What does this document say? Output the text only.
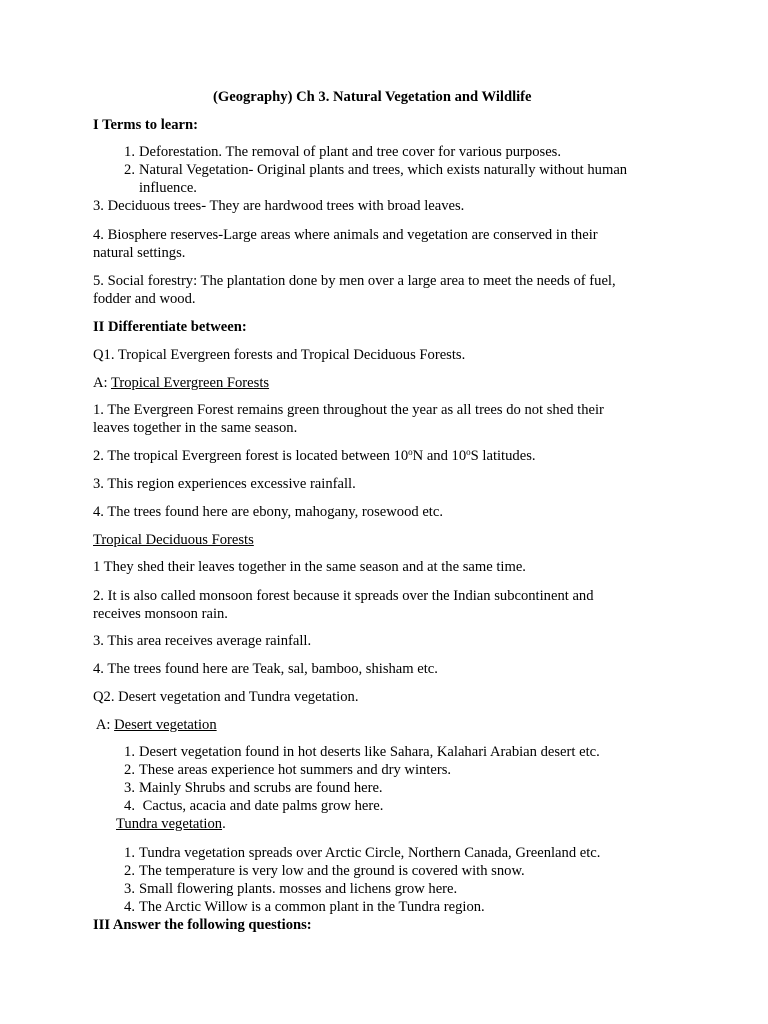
(Geography) Ch 3. Natural Vegetation and Wildlife
I Terms to learn:
1. Deforestation. The removal of plant and tree cover for various purposes.
2. Natural Vegetation- Original plants and trees, which exists naturally without human
influence.
3. Deciduous trees- They are hardwood trees with broad leaves.
4. Biosphere reserves-Large areas where animals and vegetation are conserved in their
natural settings.
5. Social forestry: The plantation done by men over a large area to meet the needs of fuel,
fodder and wood.
II Differentiate between:
Q1. Tropical Evergreen forests and Tropical Deciduous Forests.
A: Tropical Evergreen Forests
1. The Evergreen Forest remains green throughout the year as all trees do not shed their
leaves together in the same season.
2. The tropical Evergreen forest is located between 10$^o$N and 10$^o$S latitudes.
3. This region experiences excessive rainfall.
4. The trees found here are ebony, mahogany, rosewood etc.
Tropical Deciduous Forests
1 They shed their leaves together in the same season and at the same time.
2. It is also called monsoon forest because it spreads over the Indian subcontinent and
receives monsoon rain.
3. This area receives average rainfall.
4. The trees found here are Teak, sal, bamboo, shisham etc.
Q2. Desert vegetation and Tundra vegetation.
A: Desert vegetation
1. Desert vegetation found in hot deserts like Sahara, Kalahari Arabian desert etc.
2. These areas experience hot summers and dry winters.
3. Mainly Shrubs and scrubs are found here.
4. Cactus, acacia and date palms grow here.
Tundra vegetation.
1. Tundra vegetation spreads over Arctic Circle, Northern Canada, Greenland etc.
2. The temperature is very low and the ground is covered with snow.
3. Small flowering plants. mosses and lichens grow here.
4. The Arctic Willow is a common plant in the Tundra region.
III Answer the following questions:
